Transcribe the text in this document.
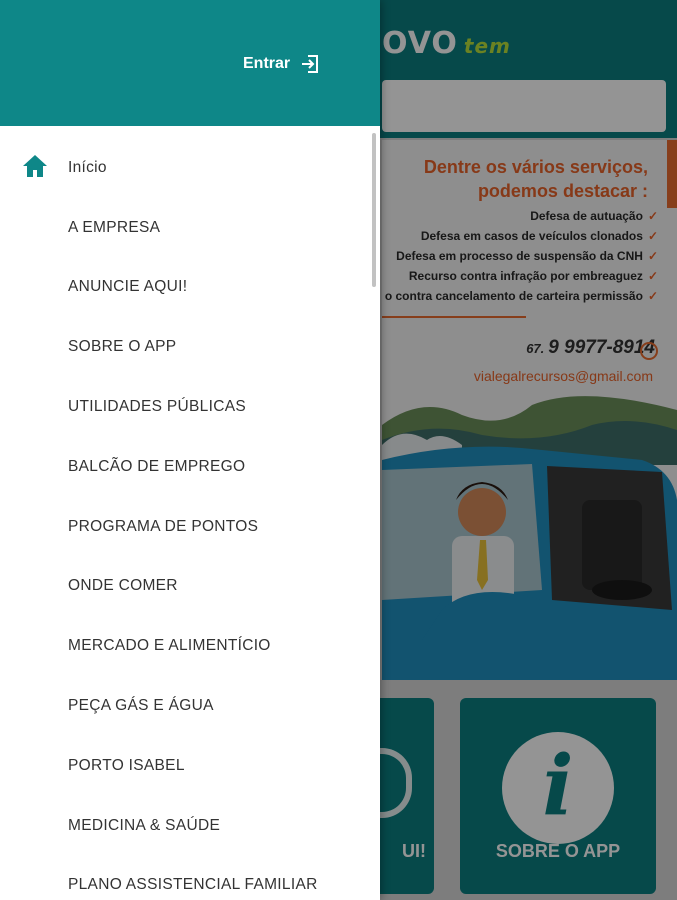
OVO tem
Dentre os vários serviços,
podemos destacar :
Defesa de autuação ✓
Defesa em casos de veículos clonados ✓
Defesa em processo de suspensão da CNH ✓
Recurso contra infração por embreaguez ✓
o contra cancelamento de carteira permissão ✓
67. 9 9977-8914
vialegalrecursos@gmail.com
UI!
i
SOBRE O APP
Entrar
Início
A EMPRESA
ANUNCIE AQUI!
SOBRE O APP
UTILIDADES PÚBLICAS
BALCÃO DE EMPREGO
PROGRAMA DE PONTOS
ONDE COMER
MERCADO E ALIMENTÍCIO
PEÇA GÁS E ÁGUA
PORTO ISABEL
MEDICINA & SAÚDE
PLANO ASSISTENCIAL FAMILIAR
